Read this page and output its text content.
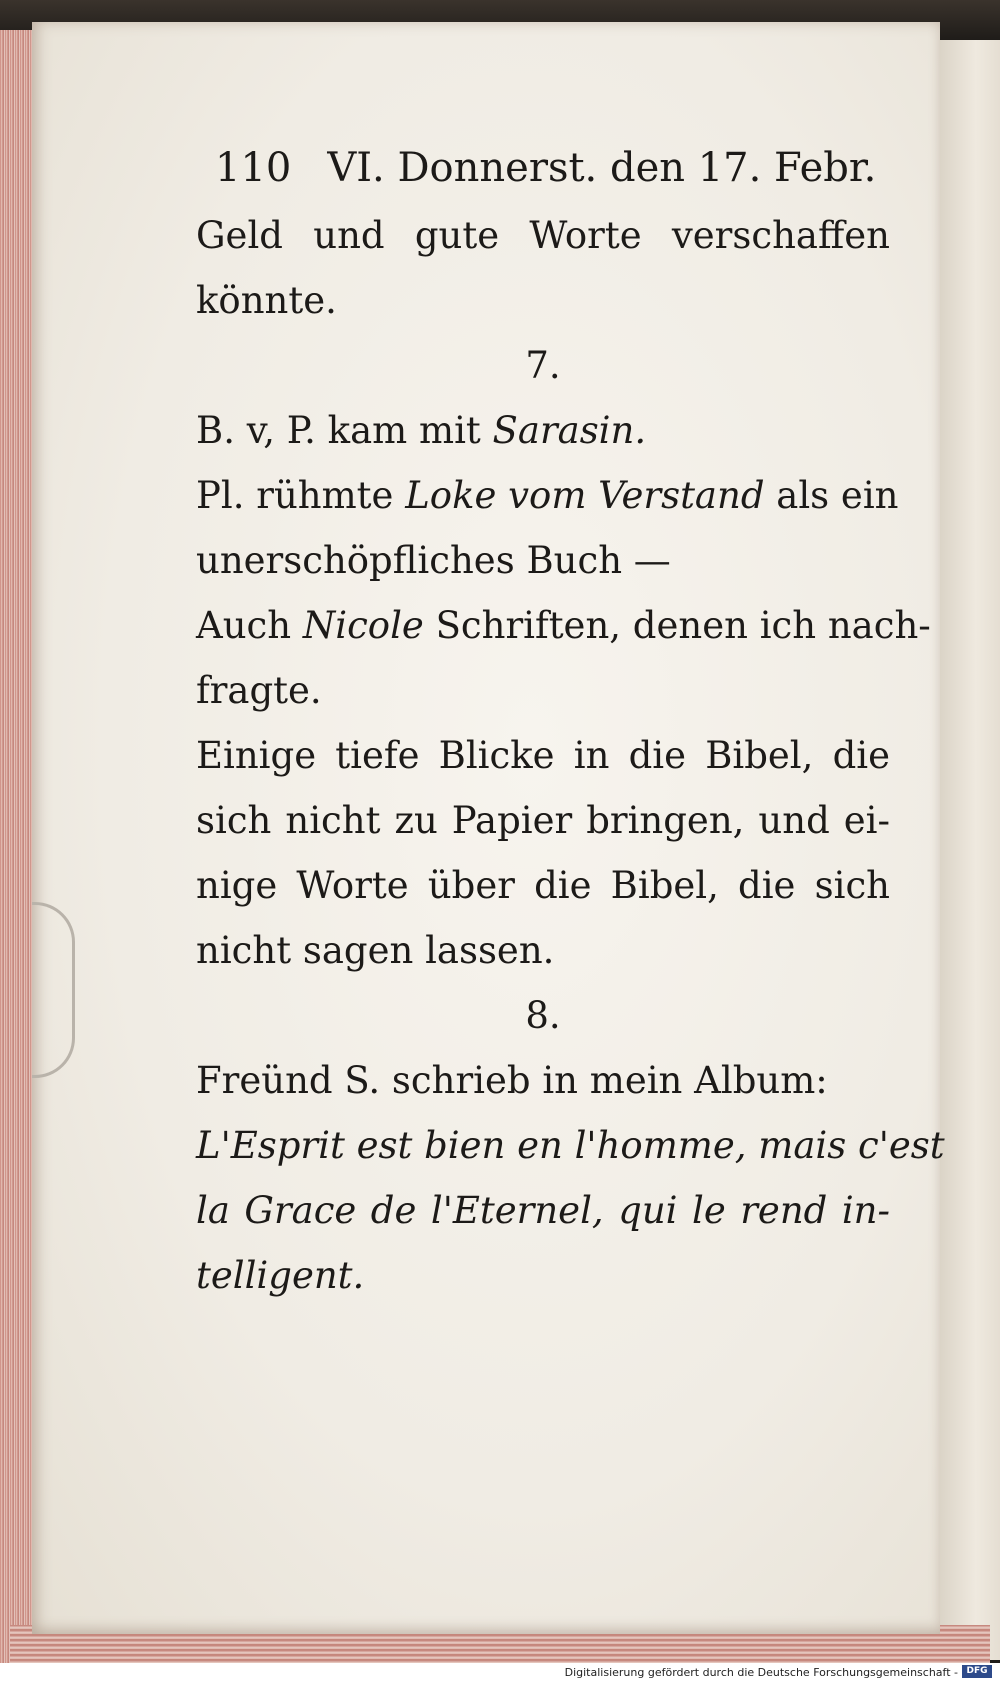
110 VI. Donnerst. den 17. Febr.

Geld und gute Worte verschaffen

könnte.

7.

B. v, P. kam mit Sarasin.

Pl. rühmte Loke vom Verstand als ein

unerschöpfliches Buch —

Auch Nicole Schriften, denen ich nach-

fragte.

Einige tiefe Blicke in die Bibel, die

sich nicht zu Papier bringen, und ei-

nige Worte über die Bibel, die sich

nicht sagen lassen.

8.

Freünd S. schrieb in mein Album:

L'Esprit est bien en l'homme, mais c'est

la Grace de l'Eternel, qui le rend in-

telligent.

Digitalisierung gefördert durch die Deutsche Forschungsgemeinschaft - DFG
